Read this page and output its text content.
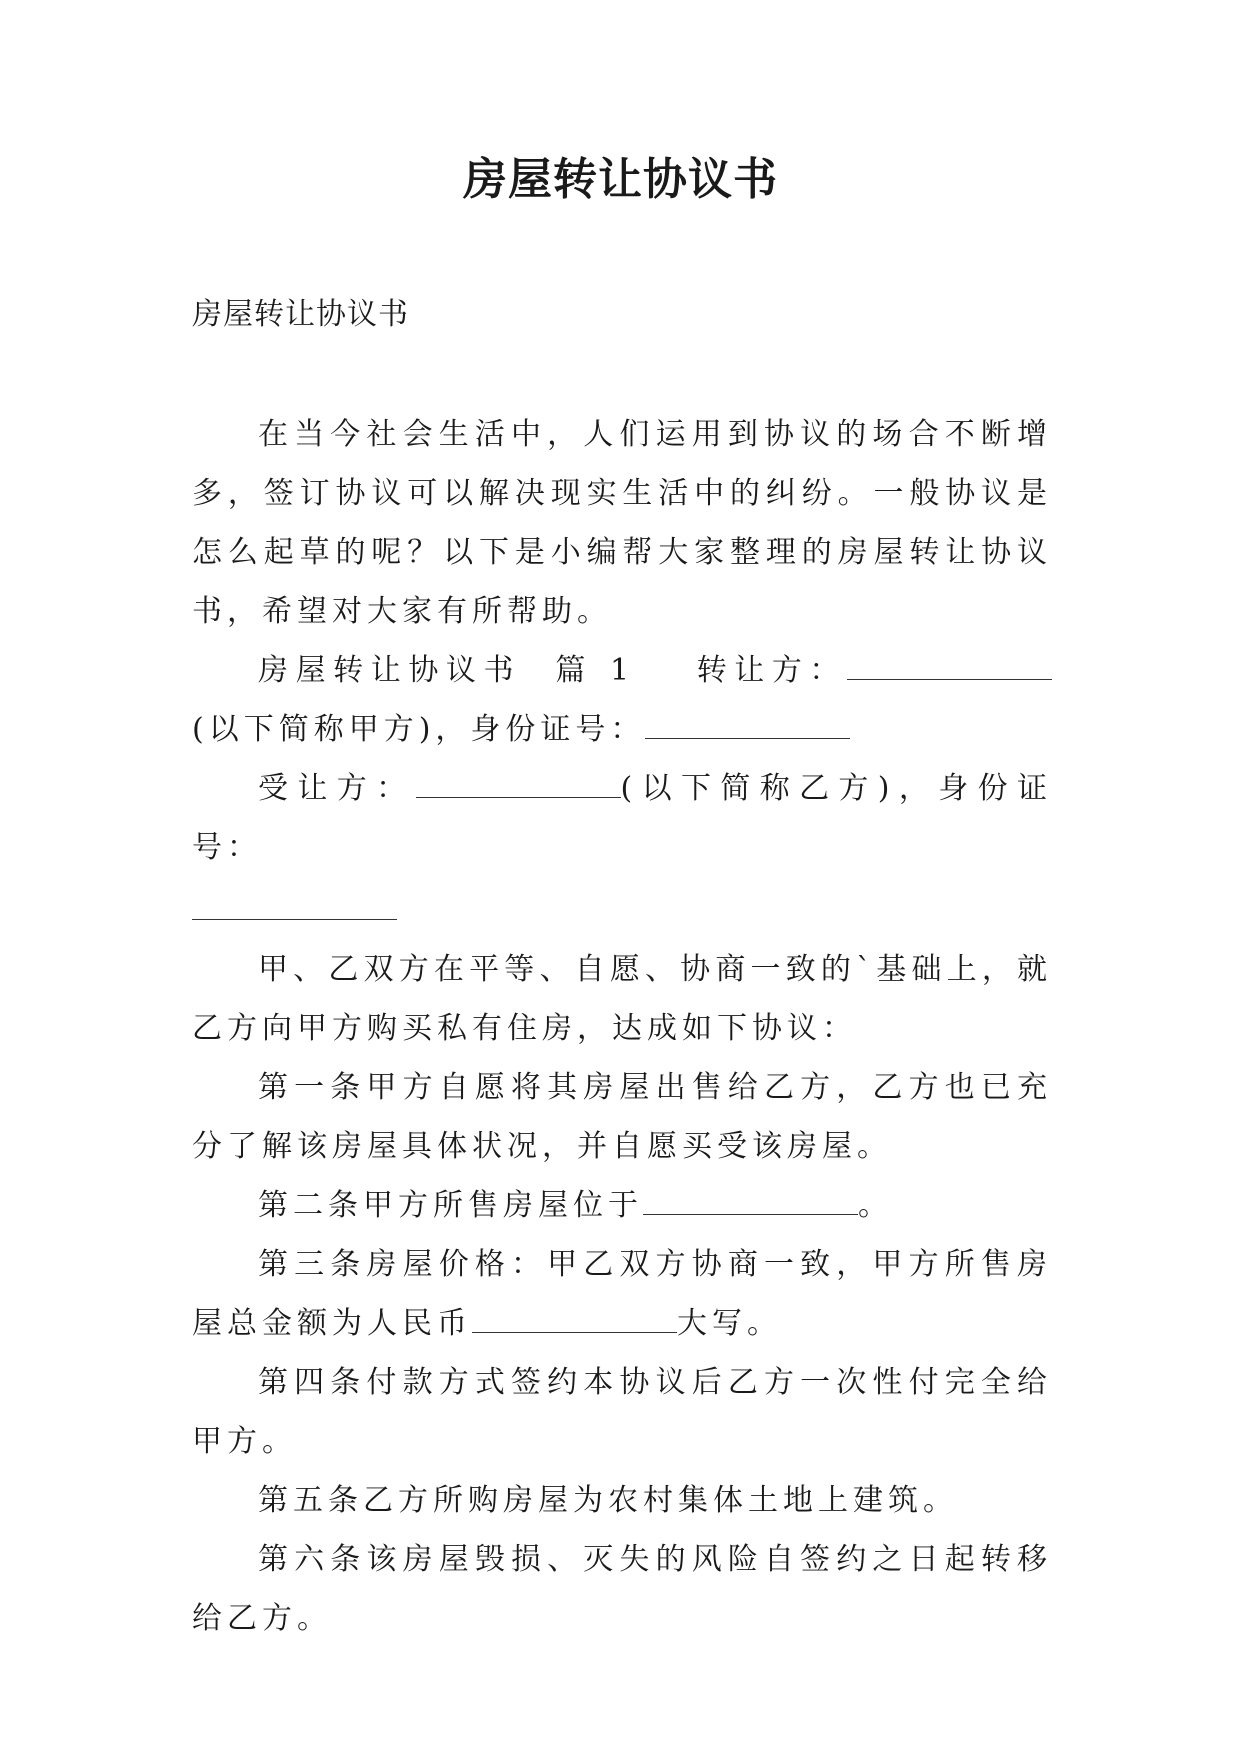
房屋转让协议书
房屋转让协议书

在当今社会生活中，人们运用到协议的场合不断增多，签订协议可以解决现实生活中的纠纷。一般协议是怎么起草的呢？以下是小编帮大家整理的房屋转让协议书，希望对大家有所帮助。

房屋转让协议书 篇 1 转让方：(以下简称甲方)，身份证号：

受让方：	(以下简称乙方)，身份证号：

甲、乙双方在平等、自愿、协商一致的`基础上，就乙方向甲方购买私有住房，达成如下协议：

第一条甲方自愿将其房屋出售给乙方，乙方也已充分了解该房屋具体状况，并自愿买受该房屋。

第二条甲方所售房屋位于	。

第三条房屋价格：甲乙双方协商一致，甲方所售房屋总金额为人民币	大写。

第四条付款方式签约本协议后乙方一次性付完全给甲方。

第五条乙方所购房屋为农村集体土地上建筑。

第六条该房屋毁损、灭失的风险自签约之日起转移给乙方。
